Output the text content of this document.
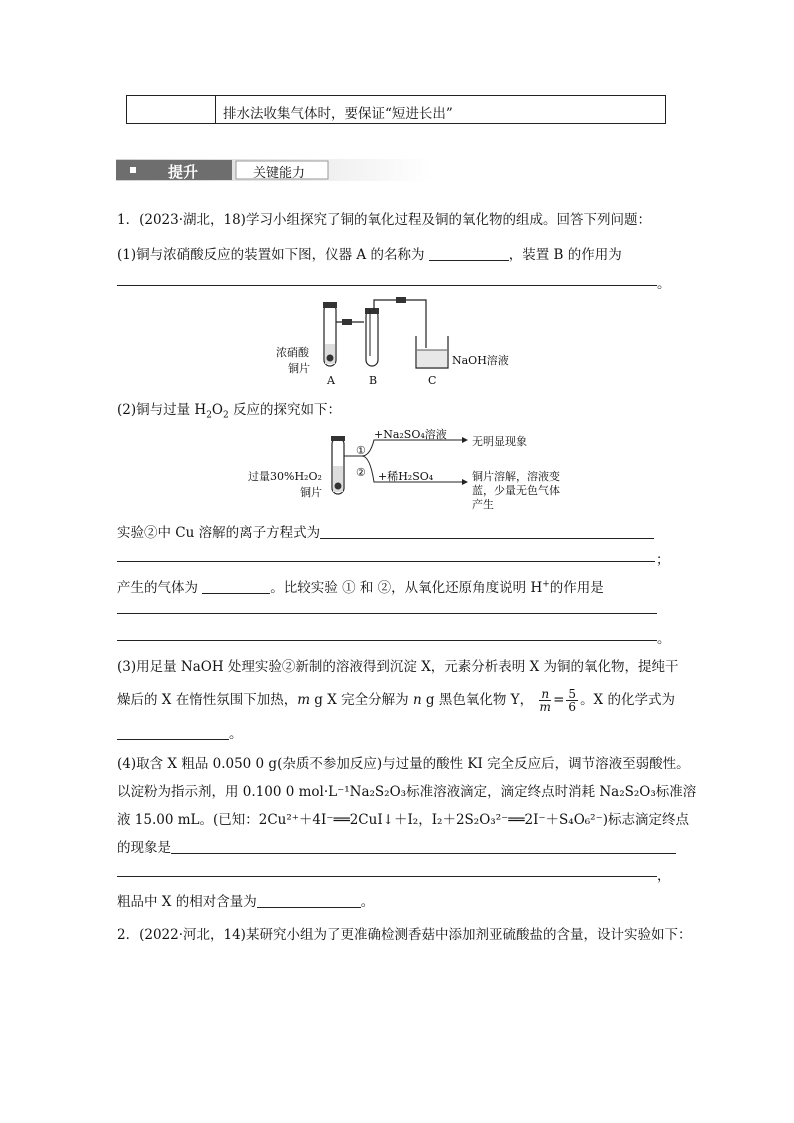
排水法收集气体时，要保证“短进长出”
提升	关键能力
1．(2023·湖北，18)学习小组探究了铜的氧化过程及铜的氧化物的组成。回答下列问题：
(1)铜与浓硝酸反应的装置如下图，仪器 A 的名称为	，装置 B 的作用为
。
浓硝酸
铜片
A	B	C
NaOH溶液
(2)铜与过量 $H_2O_2$ 反应的探究如下：
过量30%H₂O₂
铜片
①
②
+Na₂SO₄溶液
+稀H₂SO₄
无明显现象
铜片溶解，溶液变
蓝，少量无色气体
产生
实验②中 Cu 溶解的离子方程式为
；
产生的气体为	。比较实验 ① 和 ②，从氧化还原角度说明 H+的作用是
。
(3)用足量 NaOH 处理实验②新制的溶液得到沉淀 X，元素分析表明 X 为铜的氧化物，提纯干
燥后的 X 在惰性氛围下加热，m g X 完全分解为 n g 黑色氧化物 Y， $\frac{n}{m} = \frac{5}{6}$ 。X 的化学式为
。
(4)取含 X 粗品 0.050 0 g(杂质不参加反应)与过量的酸性 KI 完全反应后，调节溶液至弱酸性。
以淀粉为指示剂，用 0.100 0 mol·L⁻¹Na₂S₂O₃标准溶液滴定，滴定终点时消耗 Na₂S₂O₃标准溶
液 15.00 mL。(已知：2Cu²⁺＋4I⁻══2CuI↓＋I₂，I₂＋2S₂O₃²⁻══2I⁻＋S₄O₆²⁻)标志滴定终点
的现象是
，
粗品中 X 的相对含量为	。
2．(2022·河北，14)某研究小组为了更准确检测香菇中添加剂亚硫酸盐的含量，设计实验如下：
